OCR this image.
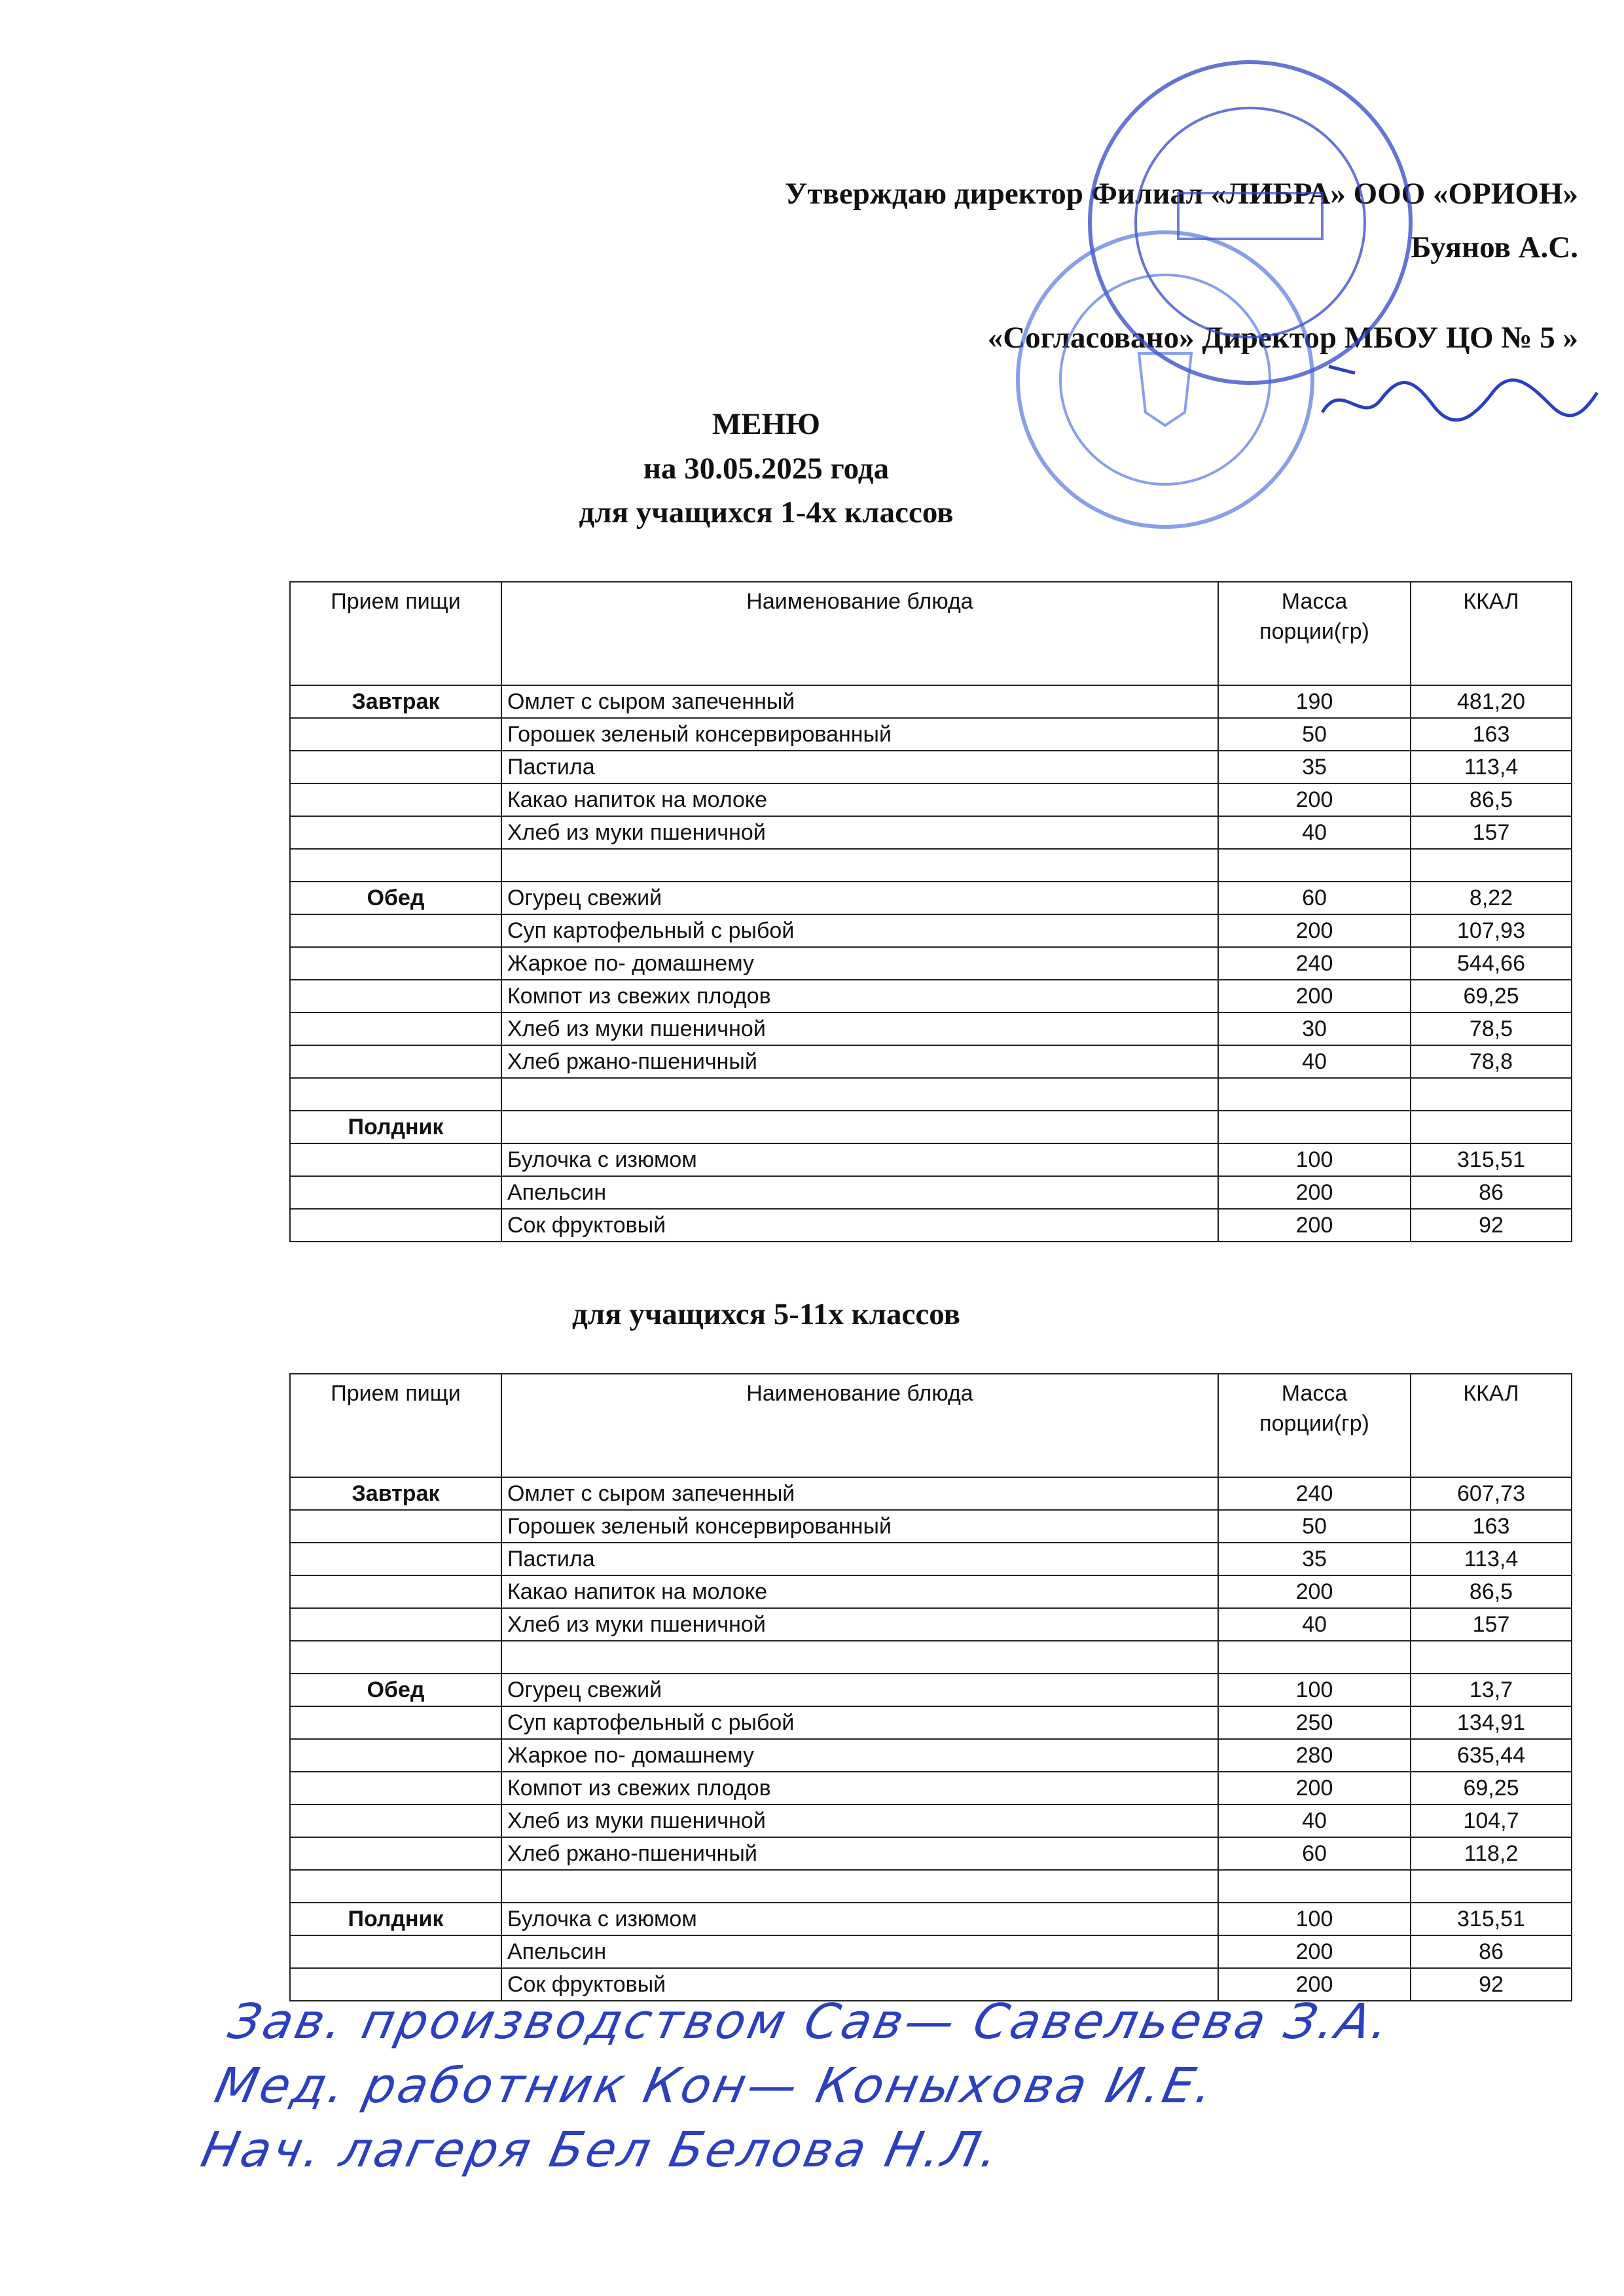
Утверждаю директор Филиал «ЛИБРА» ООО «ОРИОН»
Буянов А.С.
«Согласовано» Директор МБОУ ЦО № 5 »
МЕНЮ
на 30.05.2025 года
для учащихся 1-4х классов
Прием пищи	Наименование блюда	Масса порции(гр)	ККАЛ
Завтрак	Омлет с сыром запеченный	190	481,20
	Горошек зеленый консервированный	50	163
	Пастила	35	113,4
	Какао напиток на молоке	200	86,5
	Хлеб из муки пшеничной	40	157

Обед	Огурец свежий	60	8,22
	Суп картофельный с рыбой	200	107,93
	Жаркое по- домашнему	240	544,66
	Компот из свежих плодов	200	69,25
	Хлеб из муки пшеничной	30	78,5
	Хлеб ржано-пшеничный	40	78,8

Полдник			
	Булочка с изюмом	100	315,51
	Апельсин	200	86
	Сок фруктовый	200	92
для учащихся 5-11х классов
Прием пищи	Наименование блюда	Масса порции(гр)	ККАЛ
Завтрак	Омлет с сыром запеченный	240	607,73
	Горошек зеленый консервированный	50	163
	Пастила	35	113,4
	Какао напиток на молоке	200	86,5
	Хлеб из муки пшеничной	40	157

Обед	Огурец свежий	100	13,7
	Суп картофельный с рыбой	250	134,91
	Жаркое по- домашнему	280	635,44
	Компот из свежих плодов	200	69,25
	Хлеб из муки пшеничной	40	104,7
	Хлеб ржано-пшеничный	60	118,2

Полдник	Булочка с изюмом	100	315,51
	Апельсин	200	86
	Сок фруктовый	200	92
Зав. производством Сав— Савельева З.А.
Мед. работник Кон— Коныхова И.Е.
Нач. лагеря Бел Белова Н.Л.
